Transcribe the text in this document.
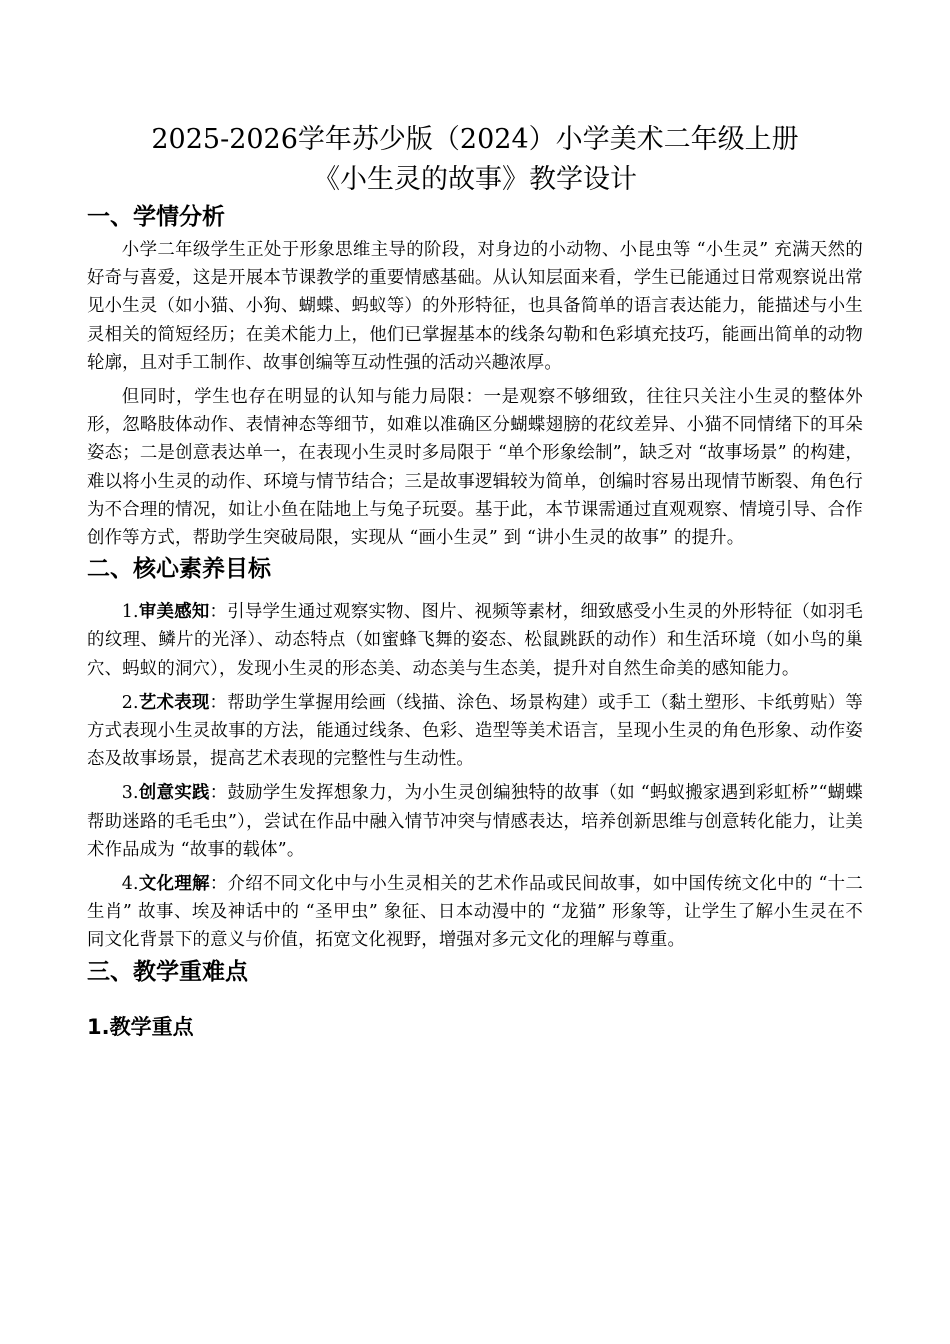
2025-2026学年苏少版（2024）小学美术二年级上册
《小生灵的故事》教学设计
一、学情分析

小学二年级学生正处于形象思维主导的阶段，对身边的小动物、小昆虫等 “小生灵” 充满天然的好奇与喜爱，这是开展本节课教学的重要情感基础。从认知层面来看，学生已能通过日常观察说出常见小生灵（如小猫、小狗、蝴蝶、蚂蚁等）的外形特征，也具备简单的语言表达能力，能描述与小生灵相关的简短经历；在美术能力上，他们已掌握基本的线条勾勒和色彩填充技巧，能画出简单的动物轮廓，且对手工制作、故事创编等互动性强的活动兴趣浓厚。

但同时，学生也存在明显的认知与能力局限：一是观察不够细致，往往只关注小生灵的整体外形，忽略肢体动作、表情神态等细节，如难以准确区分蝴蝶翅膀的花纹差异、小猫不同情绪下的耳朵姿态；二是创意表达单一，在表现小生灵时多局限于 “单个形象绘制”，缺乏对 “故事场景” 的构建，难以将小生灵的动作、环境与情节结合；三是故事逻辑较为简单，创编时容易出现情节断裂、角色行为不合理的情况，如让小鱼在陆地上与兔子玩耍。基于此，本节课需通过直观观察、情境引导、合作创作等方式，帮助学生突破局限，实现从 “画小生灵” 到 “讲小生灵的故事” 的提升。

二、核心素养目标

1.审美感知：引导学生通过观察实物、图片、视频等素材，细致感受小生灵的外形特征（如羽毛的纹理、鳞片的光泽）、动态特点（如蜜蜂飞舞的姿态、松鼠跳跃的动作）和生活环境（如小鸟的巢穴、蚂蚁的洞穴），发现小生灵的形态美、动态美与生态美，提升对自然生命美的感知能力。

2.艺术表现：帮助学生掌握用绘画（线描、涂色、场景构建）或手工（黏土塑形、卡纸剪贴）等方式表现小生灵故事的方法，能通过线条、色彩、造型等美术语言，呈现小生灵的角色形象、动作姿态及故事场景，提高艺术表现的完整性与生动性。

3.创意实践：鼓励学生发挥想象力，为小生灵创编独特的故事（如 “蚂蚁搬家遇到彩虹桥”“蝴蝶帮助迷路的毛毛虫”），尝试在作品中融入情节冲突与情感表达，培养创新思维与创意转化能力，让美术作品成为 “故事的载体”。

4.文化理解：介绍不同文化中与小生灵相关的艺术作品或民间故事，如中国传统文化中的 “十二生肖” 故事、埃及神话中的 “圣甲虫” 象征、日本动漫中的 “龙猫” 形象等，让学生了解小生灵在不同文化背景下的意义与价值，拓宽文化视野，增强对多元文化的理解与尊重。

三、教学重难点
1.教学重点
